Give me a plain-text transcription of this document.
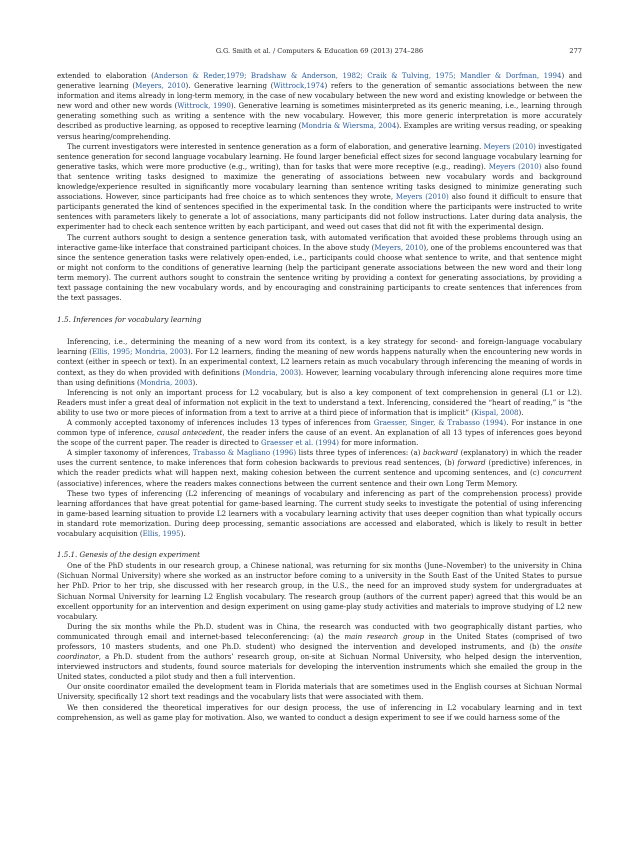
G.G. Smith et al. / Computers & Education 69 (2013) 274–286	277

extended to elaboration (Anderson & Reder,1979; Bradshaw & Anderson, 1982; Craik & Tulving, 1975; Mandler & Dorfman, 1994) and generative learning (Meyers, 2010). Generative learning (Wittrock,1974) refers to the generation of semantic associations between the new information and items already in long-term memory, in the case of new vocabulary between the new word and existing knowledge or between the new word and other new words (Wittrock, 1990). Generative learning is sometimes misinterpreted as its generic meaning, i.e., learning through generating something such as writing a sentence with the new vocabulary. However, this more generic interpretation is more accurately described as productive learning, as opposed to receptive learning (Mondria & Wiersma, 2004). Examples are writing versus reading, or speaking versus hearing/comprehending.

The current investigators were interested in sentence generation as a form of elaboration, and generative learning. Meyers (2010) investigated sentence generation for second language vocabulary learning. He found larger beneficial effect sizes for second language vocabulary learning for generative tasks, which were more productive (e.g., writing), than for tasks that were more receptive (e.g., reading). Meyers (2010) also found that sentence writing tasks designed to maximize the generating of associations between new vocabulary words and background knowledge/experience resulted in significantly more vocabulary learning than sentence writing tasks designed to minimize generating such associations. However, since participants had free choice as to which sentences they wrote, Meyers (2010) also found it difficult to ensure that participants generated the kind of sentences specified in the experimental task. In the condition where the participants were instructed to write sentences with parameters likely to generate a lot of associations, many participants did not follow instructions. Later during data analysis, the experimenter had to check each sentence written by each participant, and weed out cases that did not fit with the experimental design.

The current authors sought to design a sentence generation task, with automated verification that avoided these problems through using an interactive game-like interface that constrained participant choices. In the above study (Meyers, 2010), one of the problems encountered was that since the sentence generation tasks were relatively open-ended, i.e., participants could choose what sentence to write, and that sentence might or might not conform to the conditions of generative learning (help the participant generate associations between the new word and their long term memory). The current authors sought to constrain the sentence writing by providing a context for generating associations, by providing a text passage containing the new vocabulary words, and by encouraging and constraining participants to create sentences that inferences from the text passages.

1.5. Inferences for vocabulary learning

Inferencing, i.e., determining the meaning of a new word from its context, is a key strategy for second- and foreign-language vocabulary learning (Ellis, 1995; Mondria, 2003). For L2 learners, finding the meaning of new words happens naturally when the encountering new words in context (either in speech or text). In an experimental context, L2 learners retain as much vocabulary through inferencing the meaning of words in context, as they do when provided with definitions (Mondria, 2003). However, learning vocabulary through inferencing alone requires more time than using definitions (Mondria, 2003).

Inferencing is not only an important process for L2 vocabulary, but is also a key component of text comprehension in general (L1 or L2). Readers must infer a great deal of information not explicit in the text to understand a text. Inferencing, considered the “heart of reading,” is “the ability to use two or more pieces of information from a text to arrive at a third piece of information that is implicit” (Kispal, 2008).

A commonly accepted taxonomy of inferences includes 13 types of inferences from Graesser, Singer, & Trabasso (1994). For instance in one common type of inference, causal antecedent, the reader infers the cause of an event. An explanation of all 13 types of inferences goes beyond the scope of the current paper. The reader is directed to Graesser et al. (1994) for more information.

A simpler taxonomy of inferences, Trabasso & Magliano (1996) lists three types of inferences: (a) backward (explanatory) in which the reader uses the current sentence, to make inferences that form cohesion backwards to previous read sentences, (b) forward (predictive) inferences, in which the reader predicts what will happen next, making cohesion between the current sentence and upcoming sentences, and (c) concurrent (associative) inferences, where the readers makes connections between the current sentence and their own Long Term Memory.

These two types of inferencing (L2 inferencing of meanings of vocabulary and inferencing as part of the comprehension process) provide learning affordances that have great potential for game-based learning. The current study seeks to investigate the potential of using inferencing in game-based learning situation to provide L2 learners with a vocabulary learning activity that uses deeper cognition than what typically occurs in standard rote memorization. During deep processing, semantic associations are accessed and elaborated, which is likely to result in better vocabulary acquisition (Ellis, 1995).

1.5.1. Genesis of the design experiment

One of the PhD students in our research group, a Chinese national, was returning for six months (June–November) to the university in China (Sichuan Normal University) where she worked as an instructor before coming to a university in the South East of the United States to pursue her PhD. Prior to her trip, she discussed with her research group, in the U.S., the need for an improved study system for undergraduates at Sichuan Normal University for learning L2 English vocabulary. The research group (authors of the current paper) agreed that this would be an excellent opportunity for an intervention and design experiment on using game-play study activities and materials to improve studying of L2 new vocabulary.

During the six months while the Ph.D. student was in China, the research was conducted with two geographically distant parties, who communicated through email and internet-based teleconferencing: (a) the main research group in the United States (comprised of two professors, 10 masters students, and one Ph.D. student) who designed the intervention and developed instruments, and (b) the onsite coordinator, a Ph.D. student from the authors’ research group, on-site at Sichuan Normal University, who helped design the intervention, interviewed instructors and students, found source materials for developing the intervention instruments which she emailed the group in the United states, conducted a pilot study and then a full intervention.

Our onsite coordinator emailed the development team in Florida materials that are sometimes used in the English courses at Sichuan Normal University, specifically 12 short text readings and the vocabulary lists that were associated with them.

We then considered the theoretical imperatives for our design process, the use of inferencing in L2 vocabulary learning and in text comprehension, as well as game play for motivation. Also, we wanted to conduct a design experiment to see if we could harness some of the
